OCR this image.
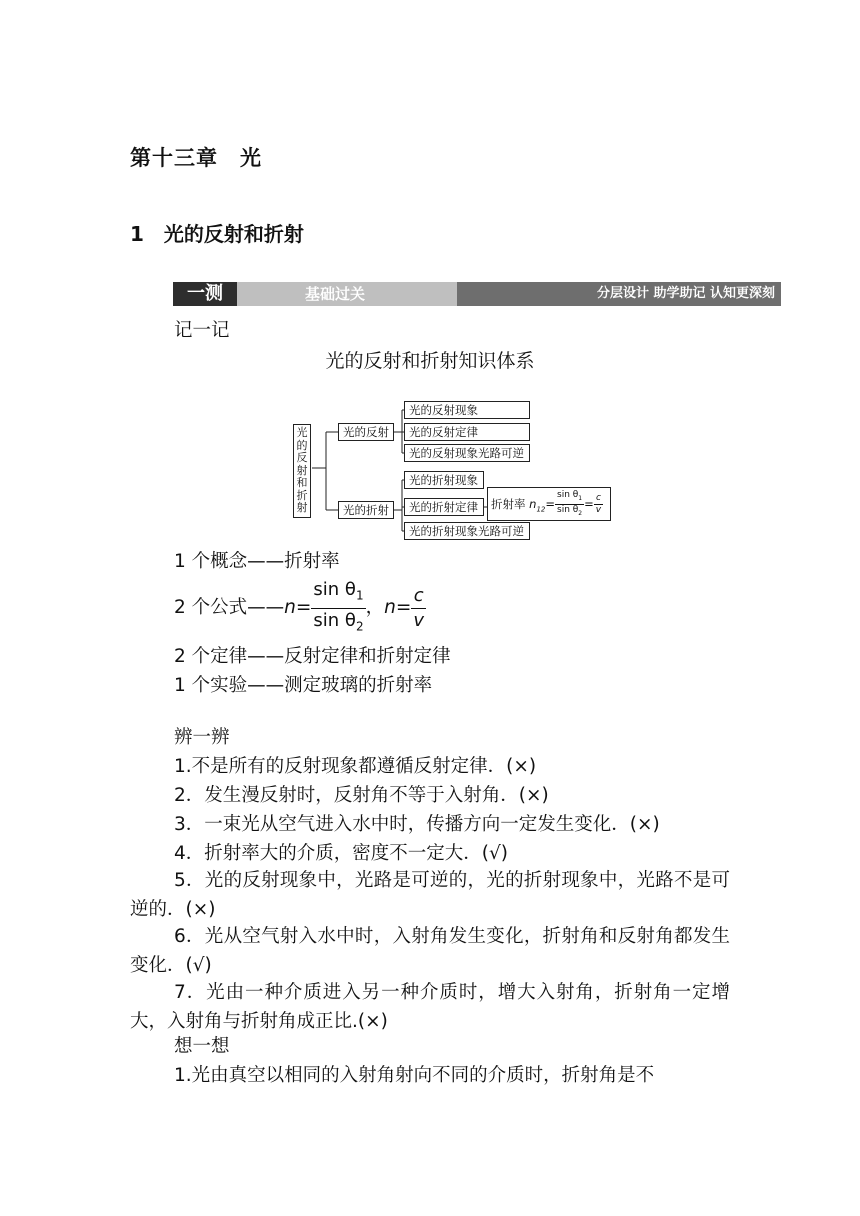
第十三章　光
1　光的反射和折射
一测	基础过关	分层设计 助学助记 认知更深刻
记一记
光的反射和折射知识体系
光的反射和折射
光的反射
光的反射现象
光的反射定律
光的反射现象光路可逆
光的折射
光的折射现象
光的折射定律
光的折射现象光路可逆
折射率 $n_{12}= \frac{\sin \theta_1}{\sin \theta_2} = \frac{c}{v}$
1 个概念——折射率
2 个公式——n= $\frac{\sin \theta_1}{\sin \theta_2}$ ，$n= \frac{c}{v}$
2 个定律——反射定律和折射定律
1 个实验——测定玻璃的折射率
辨一辨
1.不是所有的反射现象都遵循反射定律．(×)
2．发生漫反射时，反射角不等于入射角．(×)
3．一束光从空气进入水中时，传播方向一定发生变化．(×)
4．折射率大的介质，密度不一定大．(√)
5．光的反射现象中，光路是可逆的，光的折射现象中，光路不是可逆的．(×)
6．光从空气射入水中时，入射角发生变化，折射角和反射角都发生变化．(√)
7．光由一种介质进入另一种介质时，增大入射角，折射角一定增大，入射角与折射角成正比.(×)
想一想
1.光由真空以相同的入射角射向不同的介质时，折射角是不
